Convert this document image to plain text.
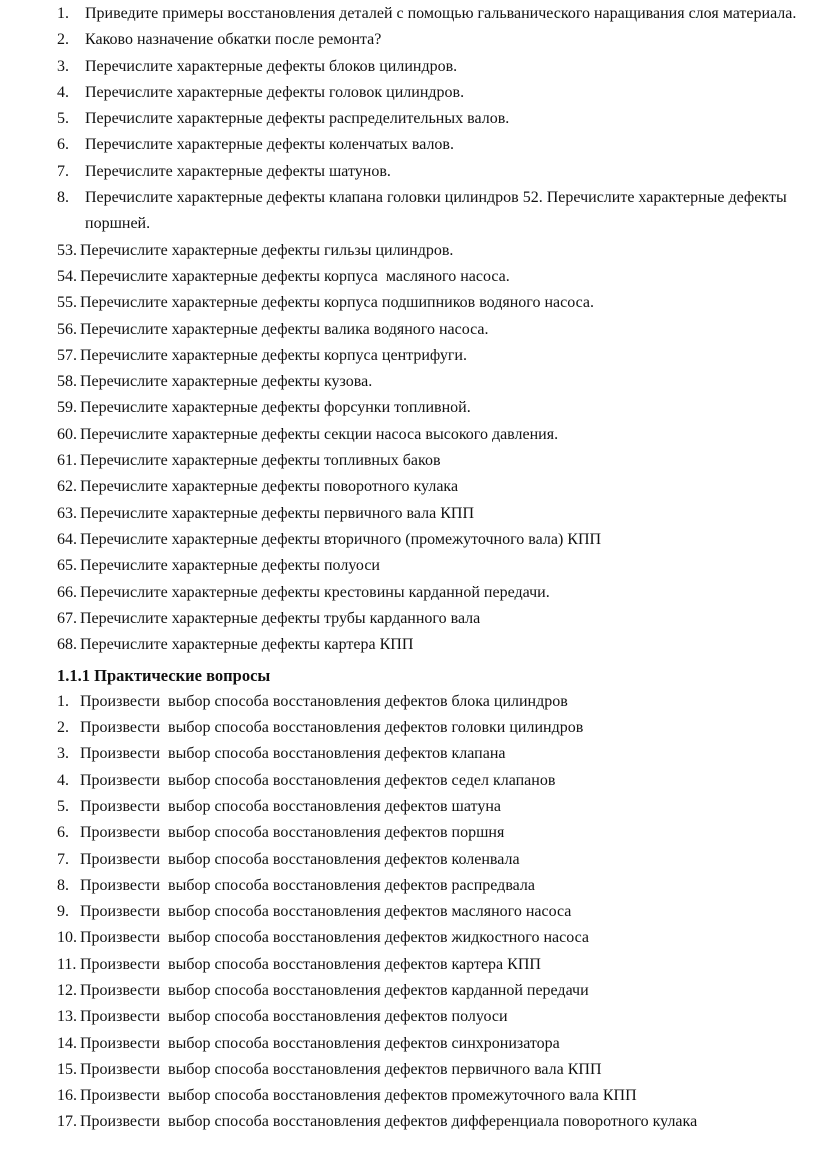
1.	Приведите примеры восстановления деталей с помощью гальванического наращивания слоя материала.
2.	Каково назначение обкатки после ремонта?
3.	Перечислите характерные дефекты блоков цилиндров.
4.	Перечислите характерные дефекты головок цилиндров.
5.	Перечислите характерные дефекты распределительных валов.
6.	Перечислите характерные дефекты коленчатых валов.
7.	Перечислите характерные дефекты шатунов.
8.	Перечислите характерные дефекты клапана головки цилиндров 52. Перечислите характерные дефекты поршней.
53. Перечислите характерные дефекты гильзы цилиндров.
54. Перечислите характерные дефекты корпуса  масляного насоса.
55. Перечислите характерные дефекты корпуса подшипников водяного насоса.
56. Перечислите характерные дефекты валика водяного насоса.
57. Перечислите характерные дефекты корпуса центрифуги.
58. Перечислите характерные дефекты кузова.
59. Перечислите характерные дефекты форсунки топливной.
60. Перечислите характерные дефекты секции насоса высокого давления.
61. Перечислите характерные дефекты топливных баков
62. Перечислите характерные дефекты поворотного кулака
63. Перечислите характерные дефекты первичного вала КПП
64. Перечислите характерные дефекты вторичного (промежуточного вала) КПП
65. Перечислите характерные дефекты полуоси
66. Перечислите характерные дефекты крестовины карданной передачи.
67. Перечислите характерные дефекты трубы карданного вала
68. Перечислите характерные дефекты картера КПП
1.1.1 Практические вопросы
1. Произвести  выбор способа восстановления дефектов блока цилиндров
2. Произвести  выбор способа восстановления дефектов головки цилиндров
3. Произвести  выбор способа восстановления дефектов клапана
4. Произвести  выбор способа восстановления дефектов седел клапанов
5. Произвести  выбор способа восстановления дефектов шатуна
6. Произвести  выбор способа восстановления дефектов поршня
7. Произвести  выбор способа восстановления дефектов коленвала
8. Произвести  выбор способа восстановления дефектов распредвала
9. Произвести  выбор способа восстановления дефектов масляного насоса
10. Произвести  выбор способа восстановления дефектов жидкостного насоса
11. Произвести  выбор способа восстановления дефектов картера КПП
12. Произвести  выбор способа восстановления дефектов карданной передачи
13. Произвести  выбор способа восстановления дефектов полуоси
14. Произвести  выбор способа восстановления дефектов синхронизатора
15. Произвести  выбор способа восстановления дефектов первичного вала КПП
16. Произвести  выбор способа восстановления дефектов промежуточного вала КПП
17. Произвести  выбор способа восстановления дефектов дифференциала поворотного кулака
